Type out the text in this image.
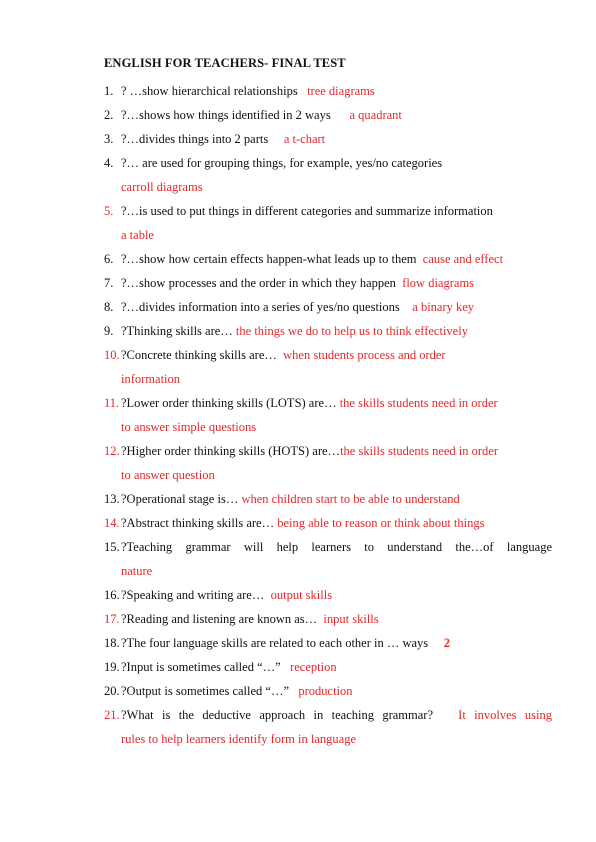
ENGLISH FOR TEACHERS- FINAL TEST
1. ? …show hierarchical relationships tree diagrams
2. ?…shows how things identified in 2 ways a quadrant
3. ?…divides things into 2 parts a t-chart
4. ?… are used for grouping things, for example, yes/no categories
carroll diagrams
5. ?…is used to put things in different categories and summarize information
a table
6. ?…show how certain effects happen-what leads up to them cause and effect
7. ?…show processes and the order in which they happen flow diagrams
8. ?…divides information into a series of yes/no questions a binary key
9. ?Thinking skills are… the things we do to help us to think effectively
10.?Concrete thinking skills are… when students process and order
information
11. ?Lower order thinking skills (LOTS) are… the skills students need in order
to answer simple questions
12.?Higher order thinking skills (HOTS) are…the skills students need in order
to answer question
13.?Operational stage is… when children start to be able to understand
14.?Abstract thinking skills are… being able to reason or think about things
15.?Teaching  grammar  will  help  learners  to  understand  the…of  language
nature
16.?Speaking and writing are… output skills
17.?Reading and listening are known as… input skills
18.?The four language skills are related to each other in … ways 2
19.?Input is sometimes called “…” reception
20.?Output is sometimes called “…” production
21.?What is the deductive approach in teaching grammar? It involves using
rules to help learners identify form in language
